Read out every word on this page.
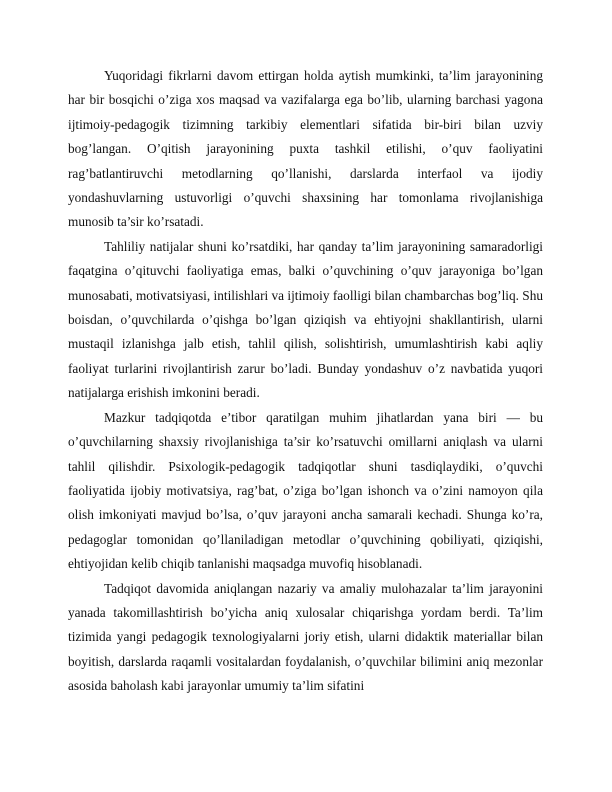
Yuqoridagi fikrlarni davom ettirgan holda aytish mumkinki, ta’lim jarayonining har bir bosqichi o’ziga xos maqsad va vazifalarga ega bo’lib, ularning barchasi yagona ijtimoiy-pedagogik tizimning tarkibiy elementlari sifatida bir-biri bilan uzviy bog’langan. O’qitish jarayonining puxta tashkil etilishi, o’quv faoliyatini rag’batlantiruvchi metodlarning qo’llanishi, darslarda interfaol va ijodiy yondashuvlarning ustuvorligi o’quvchi shaxsining har tomonlama rivojlanishiga munosib ta’sir ko’rsatadi.

Tahliliy natijalar shuni ko’rsatdiki, har qanday ta’lim jarayonining samaradorligi faqatgina o’qituvchi faoliyatiga emas, balki o’quvchining o’quv jarayoniga bo’lgan munosabati, motivatsiyasi, intilishlari va ijtimoiy faolligi bilan chambarchas bog’liq. Shu boisdan, o’quvchilarda o’qishga bo’lgan qiziqish va ehtiyojni shakllantirish, ularni mustaqil izlanishga jalb etish, tahlil qilish, solishtirish, umumlashtirish kabi aqliy faoliyat turlarini rivojlantirish zarur bo’ladi. Bunday yondashuv o’z navbatida yuqori natijalarga erishish imkonini beradi.

Mazkur tadqiqotda e’tibor qaratilgan muhim jihatlardan yana biri — bu o’quvchilarning shaxsiy rivojlanishiga ta’sir ko’rsatuvchi omillarni aniqlash va ularni tahlil qilishdir. Psixologik-pedagogik tadqiqotlar shuni tasdiqlaydiki, o’quvchi faoliyatida ijobiy motivatsiya, rag’bat, o’ziga bo’lgan ishonch va o’zini namoyon qila olish imkoniyati mavjud bo’lsa, o’quv jarayoni ancha samarali kechadi. Shunga ko’ra, pedagoglar tomonidan qo’llaniladigan metodlar o’quvchining qobiliyati, qiziqishi, ehtiyojidan kelib chiqib tanlanishi maqsadga muvofiq hisoblanadi.

Tadqiqot davomida aniqlangan nazariy va amaliy mulohazalar ta’lim jarayonini yanada takomillashtirish bo’yicha aniq xulosalar chiqarishga yordam berdi. Ta’lim tizimida yangi pedagogik texnologiyalarni joriy etish, ularni didaktik materiallar bilan boyitish, darslarda raqamli vositalardan foydalanish, o’quvchilar bilimini aniq mezonlar asosida baholash kabi jarayonlar umumiy ta’lim sifatini
